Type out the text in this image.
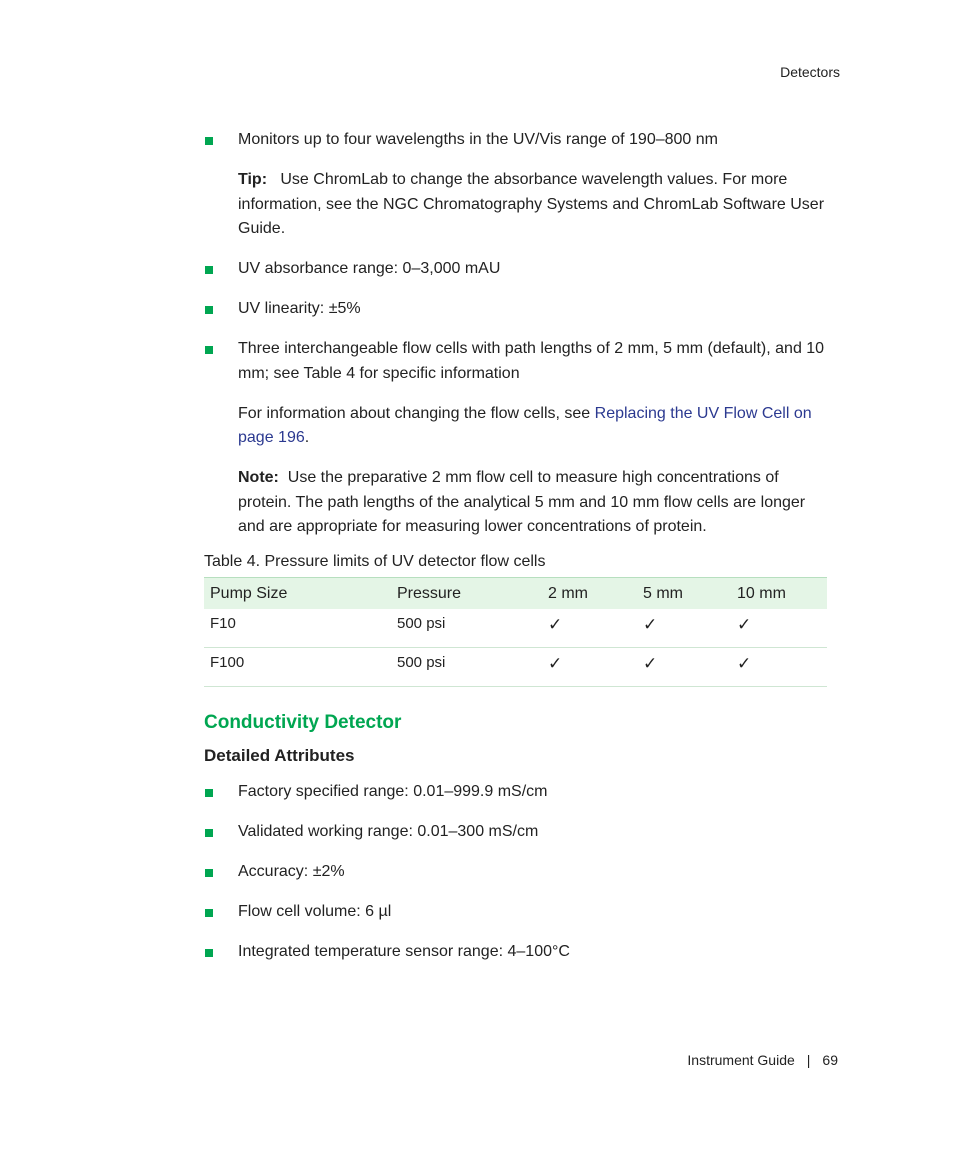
Detectors
Monitors up to four wavelengths in the UV/Vis range of 190–800 nm
Tip: Use ChromLab to change the absorbance wavelength values. For more information, see the NGC Chromatography Systems and ChromLab Software User Guide.
UV absorbance range: 0–3,000 mAU
UV linearity: ±5%
Three interchangeable flow cells with path lengths of 2 mm, 5 mm (default), and 10 mm; see Table 4 for specific information
For information about changing the flow cells, see Replacing the UV Flow Cell on page 196.
Note: Use the preparative 2 mm flow cell to measure high concentrations of protein. The path lengths of the analytical 5 mm and 10 mm flow cells are longer and are appropriate for measuring lower concentrations of protein.
Table 4. Pressure limits of UV detector flow cells
Pump Size	Pressure	2 mm	5 mm	10 mm
F10	500 psi	✓	✓	✓
F100	500 psi	✓	✓	✓
Conductivity Detector
Detailed Attributes
Factory specified range: 0.01–999.9 mS/cm
Validated working range: 0.01–300 mS/cm
Accuracy: ±2%
Flow cell volume: 6 µl
Integrated temperature sensor range: 4–100°C
Instrument Guide | 69
